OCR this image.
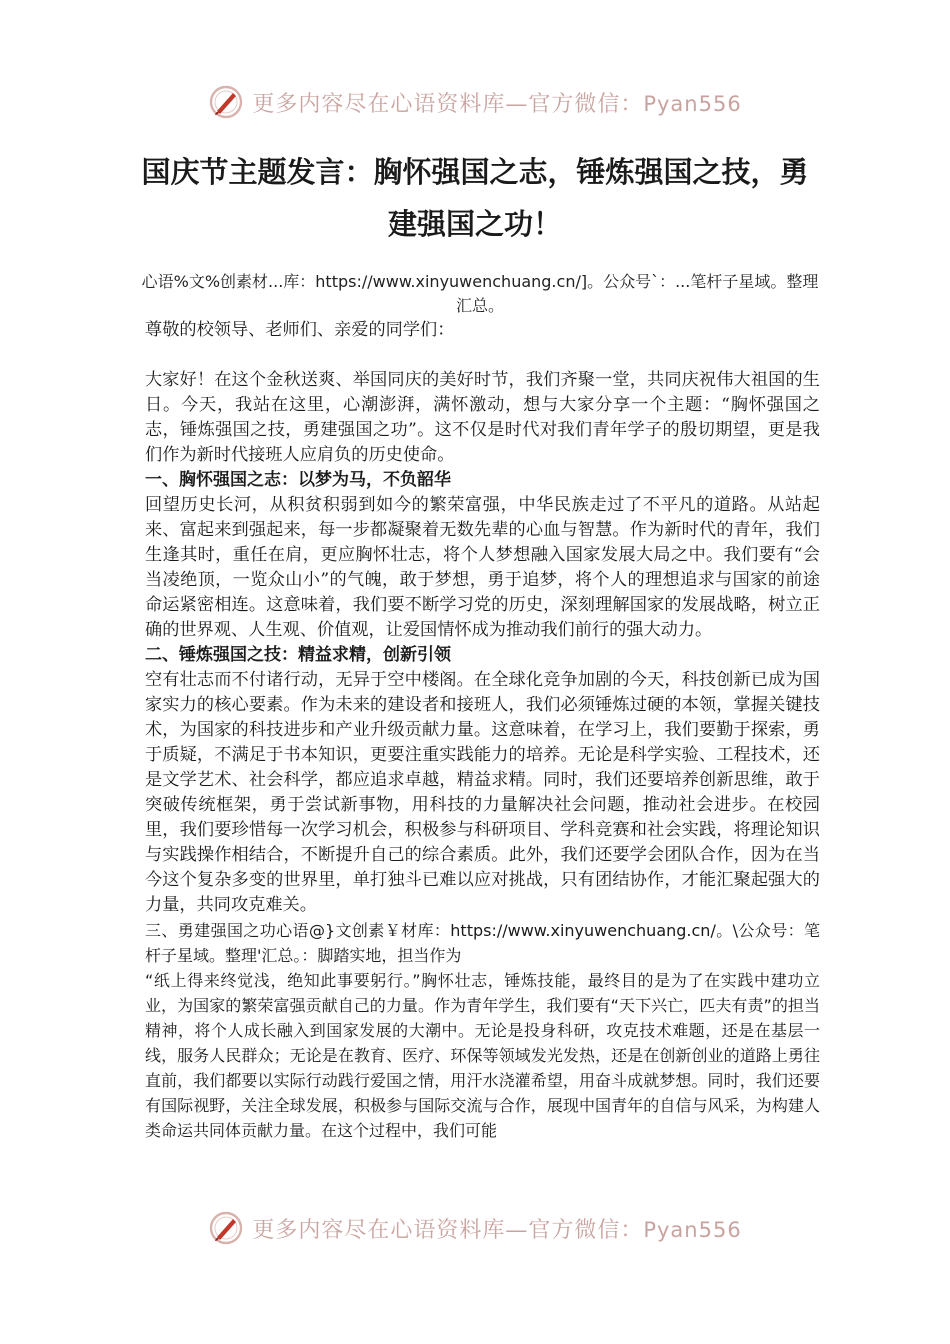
更多内容尽在心语资料库—官方微信：Pyan556
国庆节主题发言：胸怀强国之志，锤炼强国之技，勇建强国之功！

心语%文%创素材...库：https://www.xinyuwenchuang.cn/]。公众号`：...笔杆子星域。整理汇总。

尊敬的校领导、老师们、亲爱的同学们：

大家好！在这个金秋送爽、举国同庆的美好时节，我们齐聚一堂，共同庆祝伟大祖国的生日。今天，我站在这里，心潮澎湃，满怀激动，想与大家分享一个主题：“胸怀强国之志，锤炼强国之技，勇建强国之功”。这不仅是时代对我们青年学子的殷切期望，更是我们作为新时代接班人应肩负的历史使命。

一、胸怀强国之志：以梦为马，不负韶华

回望历史长河，从积贫积弱到如今的繁荣富强，中华民族走过了不平凡的道路。从站起来、富起来到强起来，每一步都凝聚着无数先辈的心血与智慧。作为新时代的青年，我们生逢其时，重任在肩，更应胸怀壮志，将个人梦想融入国家发展大局之中。我们要有“会当凌绝顶，一览众山小”的气魄，敢于梦想，勇于追梦，将个人的理想追求与国家的前途命运紧密相连。这意味着，我们要不断学习党的历史，深刻理解国家的发展战略，树立正确的世界观、人生观、价值观，让爱国情怀成为推动我们前行的强大动力。

二、锤炼强国之技：精益求精，创新引领

空有壮志而不付诸行动，无异于空中楼阁。在全球化竞争加剧的今天，科技创新已成为国家实力的核心要素。作为未来的建设者和接班人，我们必须锤炼过硬的本领，掌握关键技术，为国家的科技进步和产业升级贡献力量。这意味着，在学习上，我们要勤于探索，勇于质疑，不满足于书本知识，更要注重实践能力的培养。无论是科学实验、工程技术，还是文学艺术、社会科学，都应追求卓越，精益求精。同时，我们还要培养创新思维，敢于突破传统框架，勇于尝试新事物，用科技的力量解决社会问题，推动社会进步。在校园里，我们要珍惜每一次学习机会，积极参与科研项目、学科竞赛和社会实践，将理论知识与实践操作相结合，不断提升自己的综合素质。此外，我们还要学会团队合作，因为在当今这个复杂多变的世界里，单打独斗已难以应对挑战，只有团结协作，才能汇聚起强大的力量，共同攻克难关。

三、勇建强国之功心语@}文创素￥材库：https://www.xinyuwenchuang.cn/。\公众号：笔杆子星域。整理'汇总。：脚踏实地，担当作为

“纸上得来终觉浅，绝知此事要躬行。”胸怀壮志，锤炼技能，最终目的是为了在实践中建功立业，为国家的繁荣富强贡献自己的力量。作为青年学生，我们要有“天下兴亡，匹夫有责”的担当精神，将个人成长融入到国家发展的大潮中。无论是投身科研，攻克技术难题，还是在基层一线，服务人民群众；无论是在教育、医疗、环保等领域发光发热，还是在创新创业的道路上勇往直前，我们都要以实际行动践行爱国之情，用汗水浇灌希望，用奋斗成就梦想。同时，我们还要有国际视野，关注全球发展，积极参与国际交流与合作，展现中国青年的自信与风采，为构建人类命运共同体贡献力量。在这个过程中，我们可能

更多内容尽在心语资料库—官方微信：Pyan556
